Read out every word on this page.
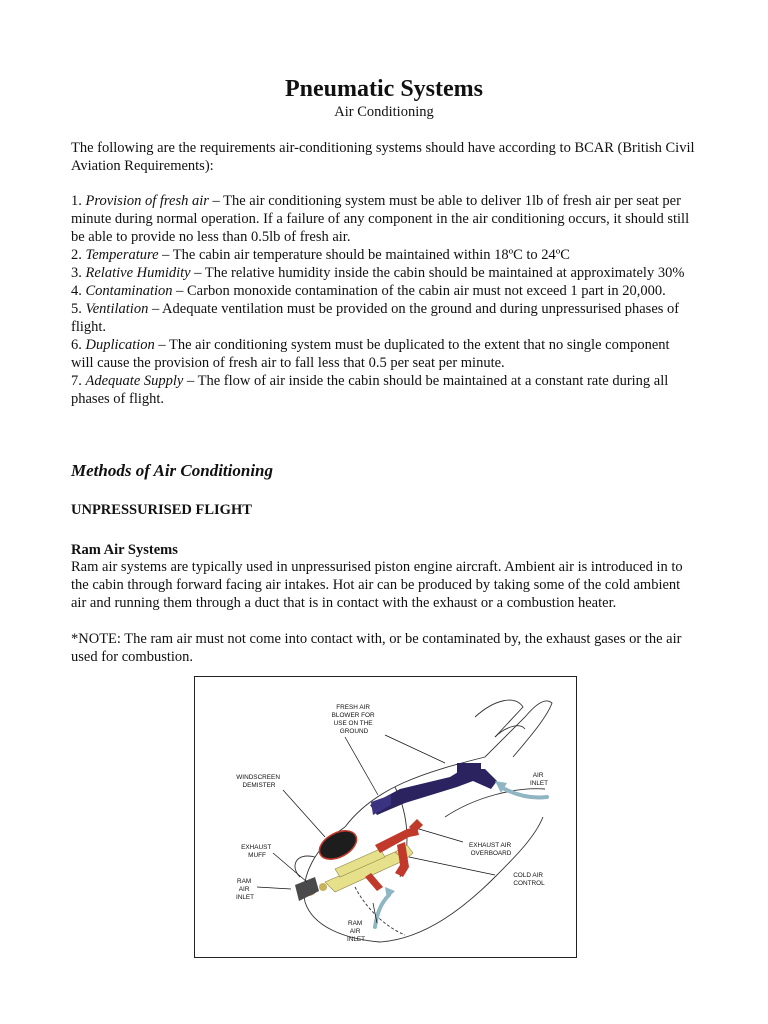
Pneumatic Systems
Air Conditioning

The following are the requirements air-conditioning systems should have according to BCAR (British Civil Aviation Requirements):

1. Provision of fresh air – The air conditioning system must be able to deliver 1lb of fresh air per seat per minute during normal operation. If a failure of any component in the air conditioning occurs, it should still be able to provide no less than 0.5lb of fresh air.
2. Temperature – The cabin air temperature should be maintained within 18ºC to 24ºC
3. Relative Humidity – The relative humidity inside the cabin should be maintained at approximately 30%
4. Contamination – Carbon monoxide contamination of the cabin air must not exceed 1 part in 20,000.
5. Ventilation – Adequate ventilation must be provided on the ground and during unpressurised phases of flight.
6. Duplication – The air conditioning system must be duplicated to the extent that no single component will cause the provision of fresh air to fall less that 0.5 per seat per minute.
7. Adequate Supply – The flow of air inside the cabin should be maintained at a constant rate during all phases of flight.
Methods of Air Conditioning
UNPRESSURISED FLIGHT
Ram Air Systems

Ram air systems are typically used in unpressurised piston engine aircraft. Ambient air is introduced in to the cabin through forward facing air intakes. Hot air can be produced by taking some of the cold ambient air and running them through a duct that is in contact with the exhaust or a combustion heater.

*NOTE: The ram air must not come into contact with, or be contaminated by, the exhaust gases or the air used for combustion.

FRESH AIR BLOWER FOR USE ON THE GROUND
WINDSCREEN DEMISTER
AIR INLET
EXHAUST MUFF
EXHAUST AIR OVERBOARD
COLD AIR CONTROL
RAM AIR INLET
RAM AIR INLET
